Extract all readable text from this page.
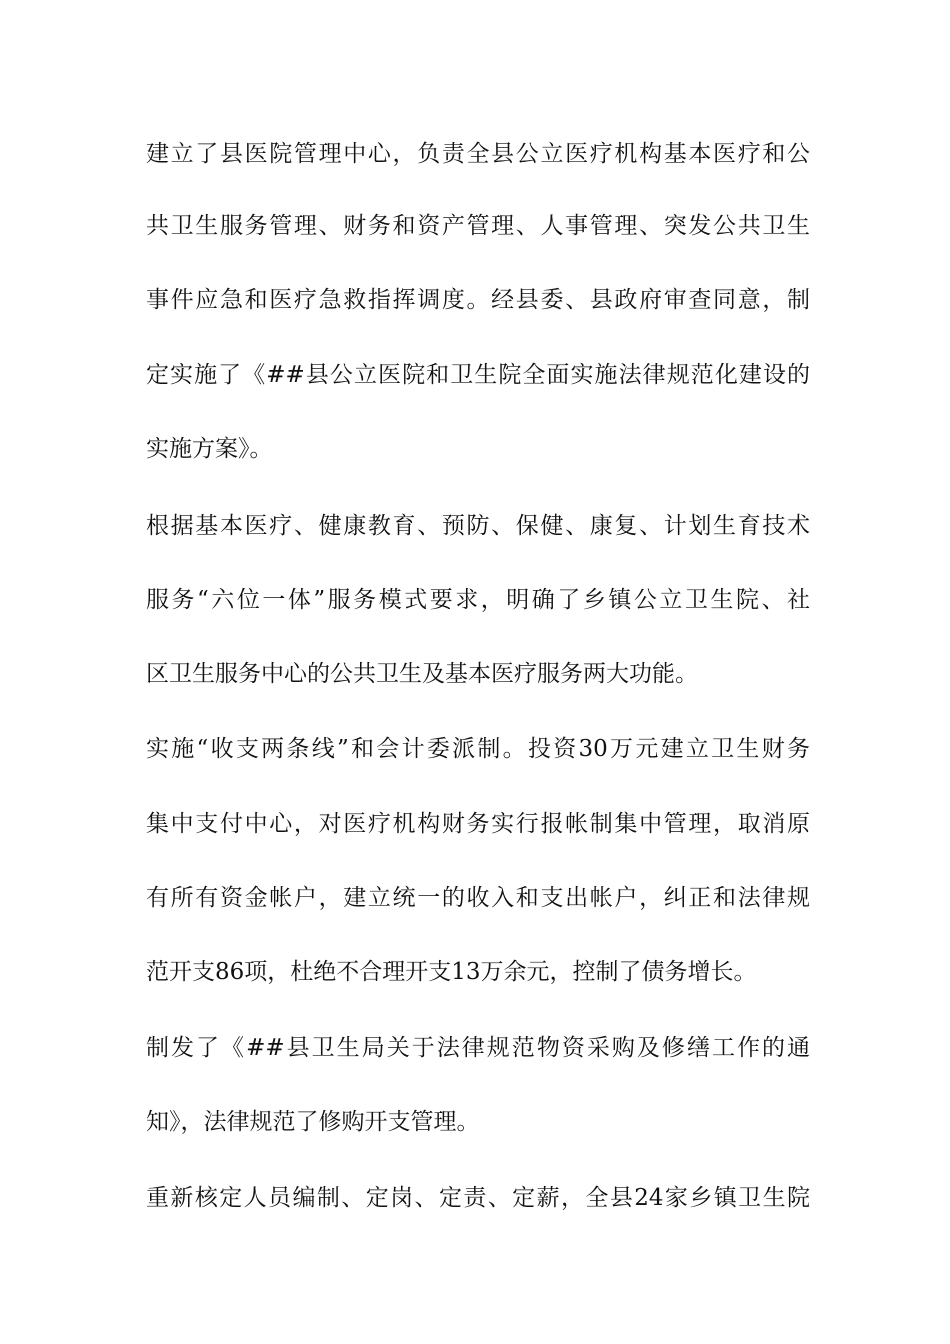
建立了县医院管理中心，负责全县公立医疗机构基本医疗和公
共卫生服务管理、财务和资产管理、人事管理、突发公共卫生
事件应急和医疗急救指挥调度。经县委、县政府审查同意，制
定实施了《##县公立医院和卫生院全面实施法律规范化建设的
实施方案》。
根据基本医疗、健康教育、预防、保健、康复、计划生育技术
服务“六位一体”服务模式要求，明确了乡镇公立卫生院、社
区卫生服务中心的公共卫生及基本医疗服务两大功能。
实施“收支两条线”和会计委派制。投资30万元建立卫生财务
集中支付中心，对医疗机构财务实行报帐制集中管理，取消原
有所有资金帐户，建立统一的收入和支出帐户，纠正和法律规
范开支86项，杜绝不合理开支13万余元，控制了债务增长。
制发了《##县卫生局关于法律规范物资采购及修缮工作的通
知》，法律规范了修购开支管理。
重新核定人员编制、定岗、定责、定薪，全县24家乡镇卫生院
